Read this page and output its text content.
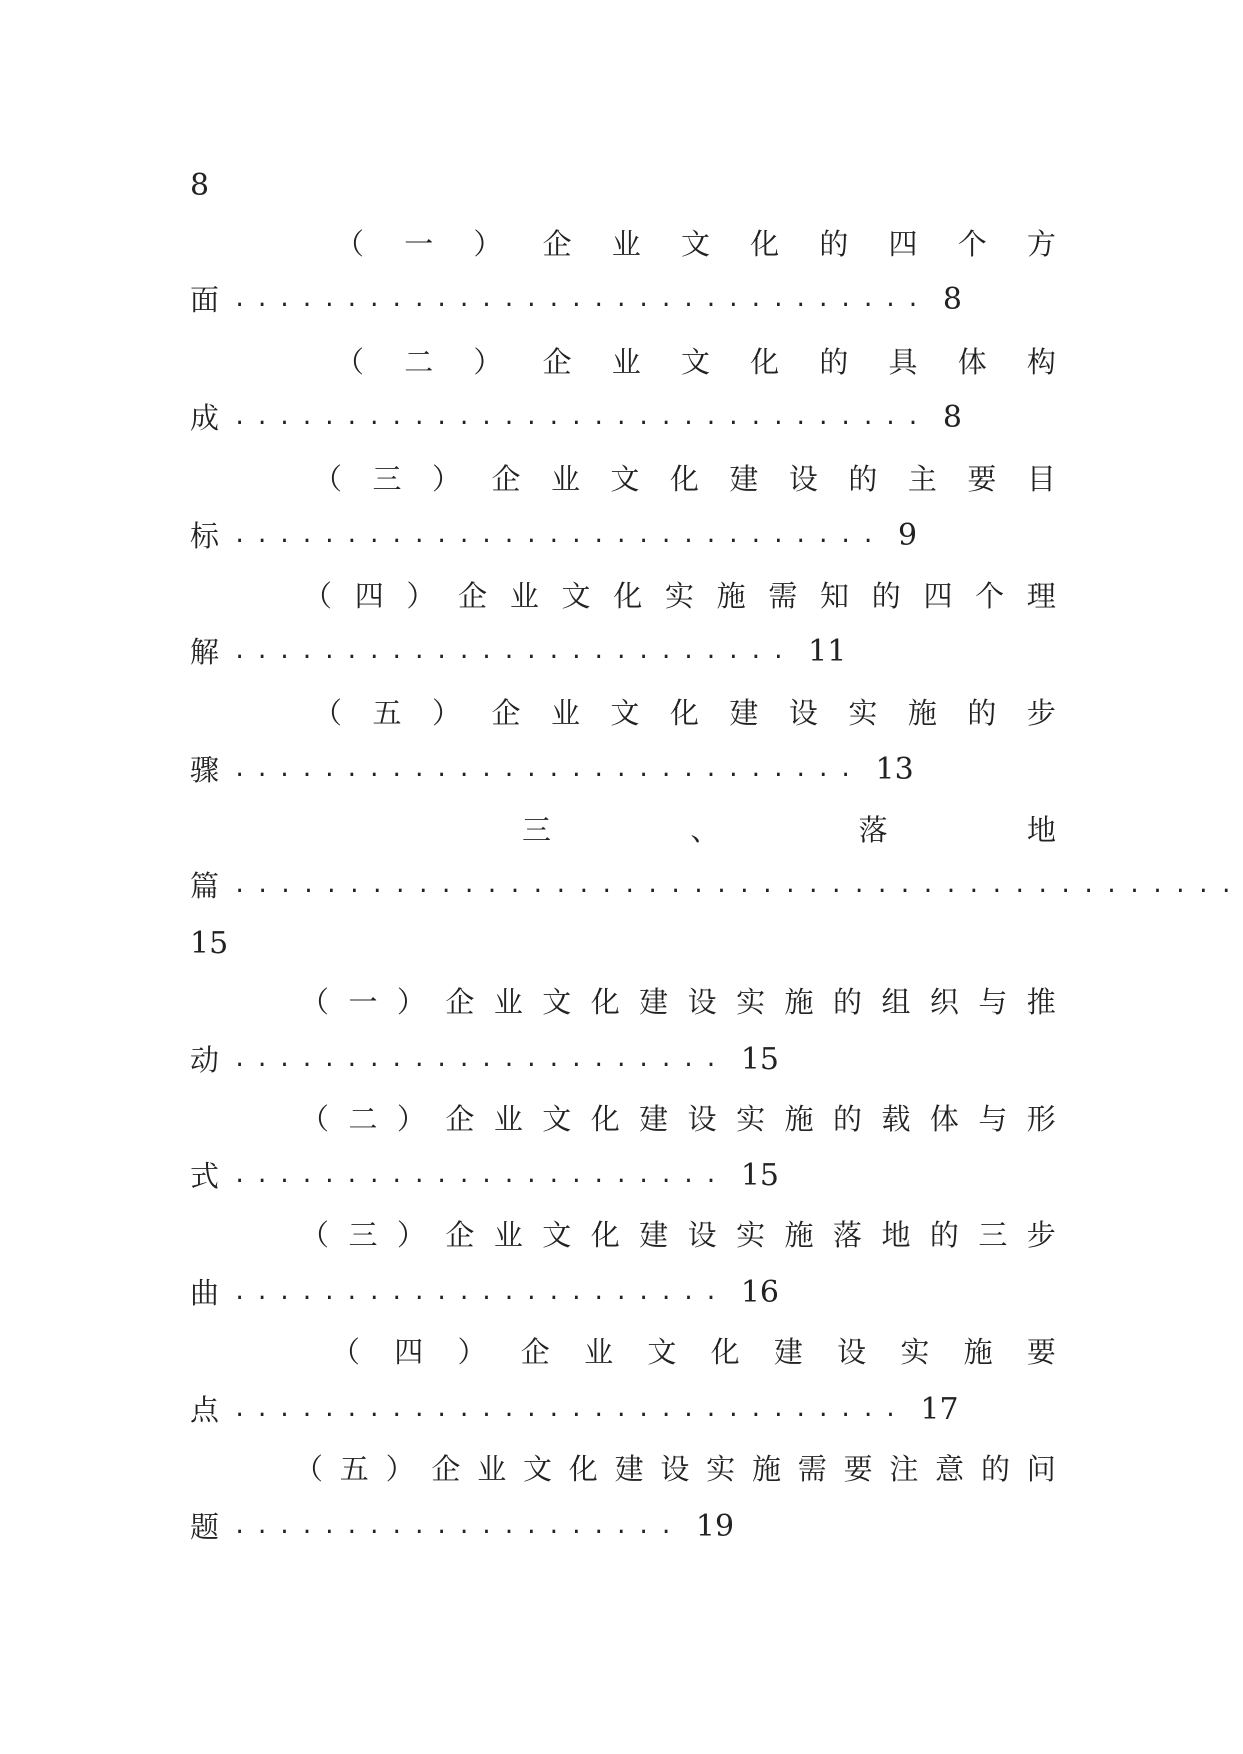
8
（ 一 ） 企 业 文 化 的 四 个 方
面 ............................... 8
（ 二 ） 企 业 文 化 的 具 体 构
成 ............................... 8
（ 三 ） 企 业 文 化 建 设 的 主 要 目
标 ............................. 9
（ 四 ） 企 业 文 化 实 施 需 知 的 四 个 理
解 ......................... 11
（ 五 ） 企 业 文 化 建 设 实 施 的 步
骤 ............................ 13
三	、	落	地
篇 ............................................
15
（ 一 ） 企 业 文 化 建 设 实 施 的 组 织 与 推
动 ...................... 15
（ 二 ） 企 业 文 化 建 设 实 施 的 载 体 与 形
式 ...................... 15
（ 三 ） 企 业 文 化 建 设 实 施 落 地 的 三 步
曲 ...................... 16
（ 四 ） 企 业 文 化 建 设 实 施 要
点 .............................. 17
（ 五 ） 企 业 文 化 建 设 实 施 需 要 注 意 的 问
题 .................... 19
